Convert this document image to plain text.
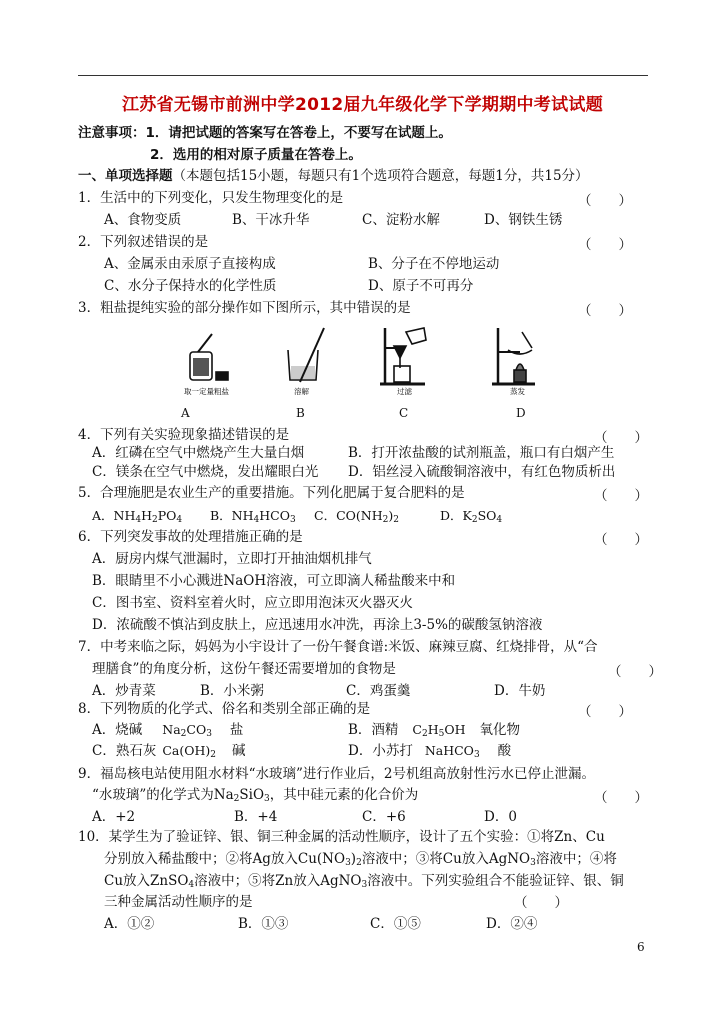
江苏省无锡市前洲中学2012届九年级化学下学期期中考试试题
注意事项：1．请把试题的答案写在答卷上，不要写在试题上。
2．选用的相对原子质量在答卷上。
一、单项选择题（本题包括15小题，每题只有1个选项符合题意，每题1分，共15分）
1．生活中的下列变化，只发生物理变化的是	（　　）
A、食物变质	B、干冰升华	C、淀粉水解	D、钢铁生锈
2．下列叙述错误的是	（　　）
A、金属汞由汞原子直接构成	B、分子在不停地运动
C、水分子保持水的化学性质	D、原子不可再分
3．粗盐提纯实验的部分操作如下图所示，其中错误的是	（　　）
取一定量粗盐	溶解	过滤	蒸发
A	B	C	D
4．下列有关实验现象描述错误的是	（　　）
A．红磷在空气中燃烧产生大量白烟	B．打开浓盐酸的试剂瓶盖，瓶口有白烟产生
C．镁条在空气中燃烧，发出耀眼白光 D．铝丝浸入硫酸铜溶液中，有红色物质析出
5．合理施肥是农业生产的重要措施。下列化肥属于复合肥料的是	（　　）
A．$NH_4H_2PO_4$ B．$NH_4HCO_3$ C．$CO(NH_2)_2$	D．$K_2SO_4$
6．下列突发事故的处理措施正确的是	（　　）
A．厨房内煤气泄漏时，立即打开抽油烟机排气
B．眼睛里不小心溅进NaOH溶液，可立即滴人稀盐酸来中和
C．图书室、资料室着火时，应立即用泡沫灭火器灭火
D．浓硫酸不慎沾到皮肤上，应迅速用水冲洗，再涂上3-5%的碳酸氢钠溶液
7．中考来临之际，妈妈为小宇设计了一份午餐食谱:米饭、麻辣豆腐、红烧排骨，从“合
理膳食”的角度分析，这份午餐还需要增加的食物是	（　　）
A．炒青菜	B．小米粥	C．鸡蛋羹	D．牛奶
8．下列物质的化学式、俗名和类别全部正确的是	（　　）
A．烧碱 $Na_2CO_3$ 盐	B．酒精 $C_2H_5OH$ 氧化物
C．熟石灰 $Ca(OH)_2$ 碱	D．小苏打 NaHCO$_3$ 酸
9．福岛核电站使用阻水材料“水玻璃”进行作业后，2号机组高放射性污水已停止泄漏。
“水玻璃”的化学式为$Na_2SiO_3$，其中硅元素的化合价为	（　　）
A．+2	B．+4	C．+6	D．0
10．某学生为了验证锌、银、铜三种金属的活动性顺序，设计了五个实验：①将Zn、Cu
分别放入稀盐酸中；②将Ag放入$Cu(NO_3)_2$溶液中；③将Cu放入AgNO$_3$溶液中；④将
Cu放入ZnSO$_4$溶液中；⑤将Zn放入AgNO$_3$溶液中。下列实验组合不能验证锌、银、铜
三种金属活动性顺序的是	（　　）
A．①②	B．①③	C．①⑤	D．②④
6
